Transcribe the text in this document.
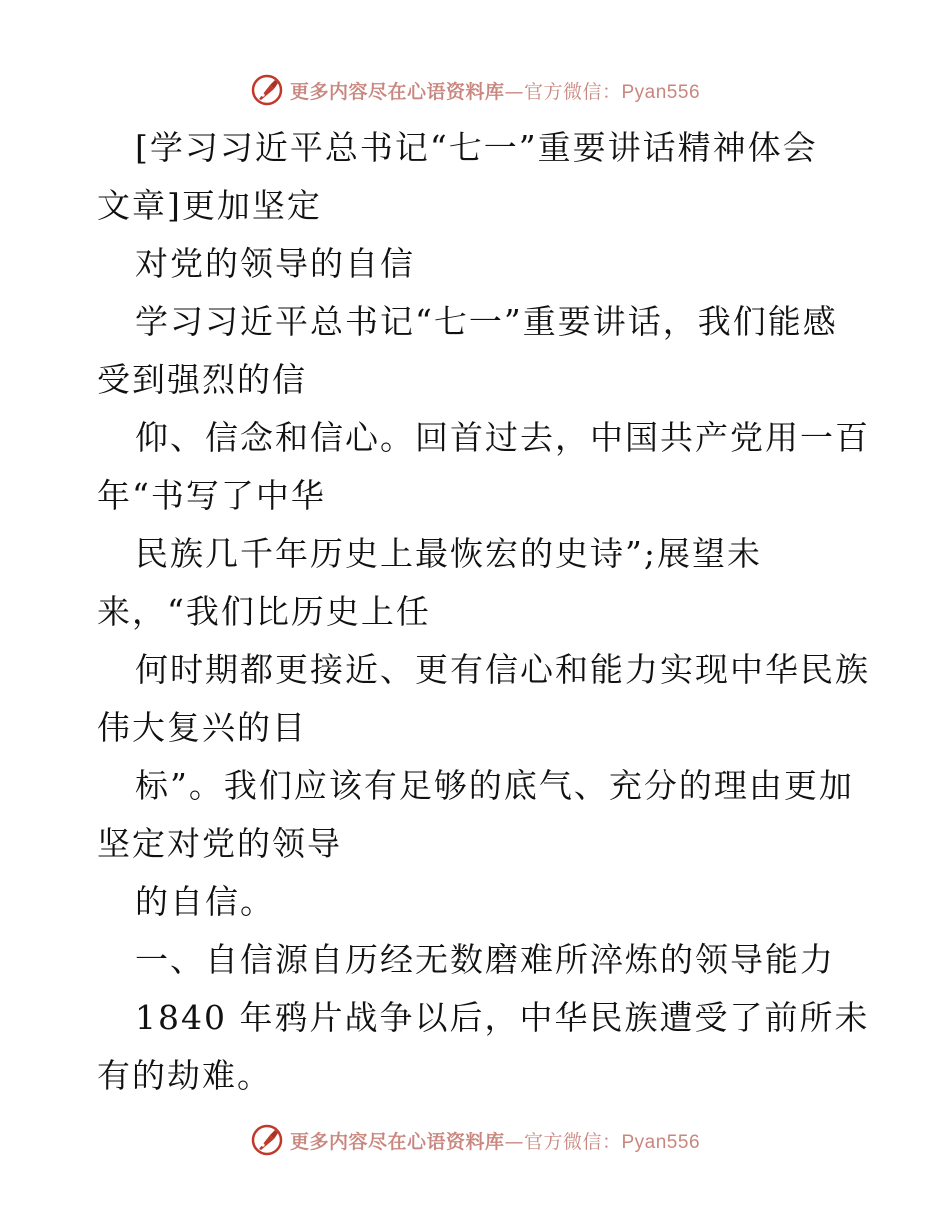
更多内容尽在心语资料库—官方微信：Pyan556
[学习习近平总书记“七一”重要讲话精神体会
文章]更加坚定
对党的领导的自信
学习习近平总书记“七一”重要讲话，我们能感
受到强烈的信
仰、信念和信心。回首过去，中国共产党用一百
年“书写了中华
民族几千年历史上最恢宏的史诗”;展望未
来，“我们比历史上任
何时期都更接近、更有信心和能力实现中华民族
伟大复兴的目
标”。我们应该有足够的底气、充分的理由更加
坚定对党的领导
的自信。
一、自信源自历经无数磨难所淬炼的领导能力
1840 年鸦片战争以后，中华民族遭受了前所未
有的劫难。
更多内容尽在心语资料库—官方微信：Pyan556
